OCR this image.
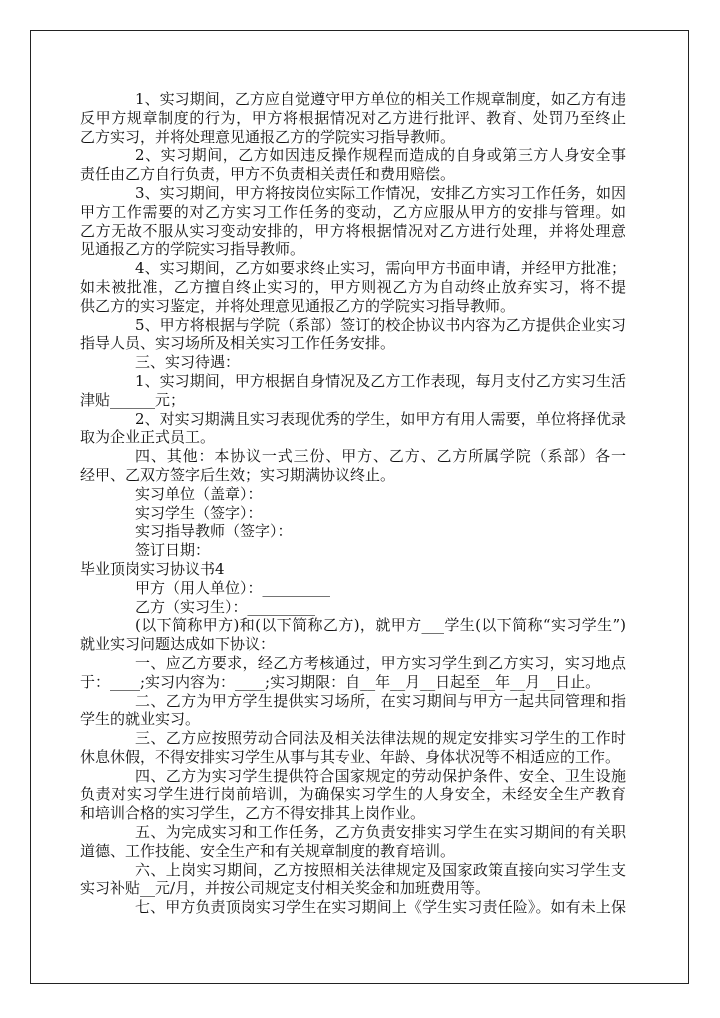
1、实习期间，乙方应自觉遵守甲方单位的相关工作规章制度，如乙方有违
反甲方规章制度的行为，甲方将根据情况对乙方进行批评、教育、处罚乃至终止
乙方实习，并将处理意见通报乙方的学院实习指导教师。
2、实习期间，乙方如因违反操作规程而造成的自身或第三方人身安全事
责任由乙方自行负责，甲方不负责相关责任和费用赔偿。
3、实习期间，甲方将按岗位实际工作情况，安排乙方实习工作任务，如因
甲方工作需要的对乙方实习工作任务的变动，乙方应服从甲方的安排与管理。如
乙方无故不服从实习变动安排的，甲方将根据情况对乙方进行处理，并将处理意
见通报乙方的学院实习指导教师。
4、实习期间，乙方如要求终止实习，需向甲方书面申请，并经甲方批准；
如未被批准，乙方擅自终止实习的，甲方则视乙方为自动终止放弃实习，将不提
供乙方的实习鉴定，并将处理意见通报乙方的学院实习指导教师。
5、甲方将根据与学院（系部）签订的校企协议书内容为乙方提供企业实习
指导人员、实习场所及相关实习工作任务安排。
三、实习待遇：
1、实习期间，甲方根据自身情况及乙方工作表现，每月支付乙方实习生活
津贴______元；
2、对实习期满且实习表现优秀的学生，如甲方有用人需要，单位将择优录
取为企业正式员工。
四、其他：本协议一式三份、甲方、乙方、乙方所属学院（系部）各一
经甲、乙双方签字后生效；实习期满协议终止。
实习单位（盖章）：
实习学生（签字）：
实习指导教师（签字）：
签订日期：
毕业顶岗实习协议书4
甲方（用人单位）：_________
乙方（实习生）：_________
(以下简称甲方)和(以下简称乙方)，就甲方___学生(以下简称“实习学生”)
就业实习问题达成如下协议：
一、应乙方要求，经乙方考核通过，甲方实习学生到乙方实习，实习地点
于：____;实习内容为：____;实习期限：自__年__月__日起至__年__月__日止。
二、乙方为甲方学生提供实习场所，在实习期间与甲方一起共同管理和指
学生的就业实习。
三、乙方应按照劳动合同法及相关法律法规的规定安排实习学生的工作时
休息休假，不得安排实习学生从事与其专业、年龄、身体状况等不相适应的工作。
四、乙方为实习学生提供符合国家规定的劳动保护条件、安全、卫生设施
负责对实习学生进行岗前培训，为确保实习学生的人身安全，未经安全生产教育
和培训合格的实习学生，乙方不得安排其上岗作业。
五、为完成实习和工作任务，乙方负责安排实习学生在实习期间的有关职
道德、工作技能、安全生产和有关规章制度的教育培训。
六、上岗实习期间，乙方按照相关法律规定及国家政策直接向实习学生支
实习补贴__元/月，并按公司规定支付相关奖金和加班费用等。
七、甲方负责顶岗实习学生在实习期间上《学生实习责任险》。如有未上保
